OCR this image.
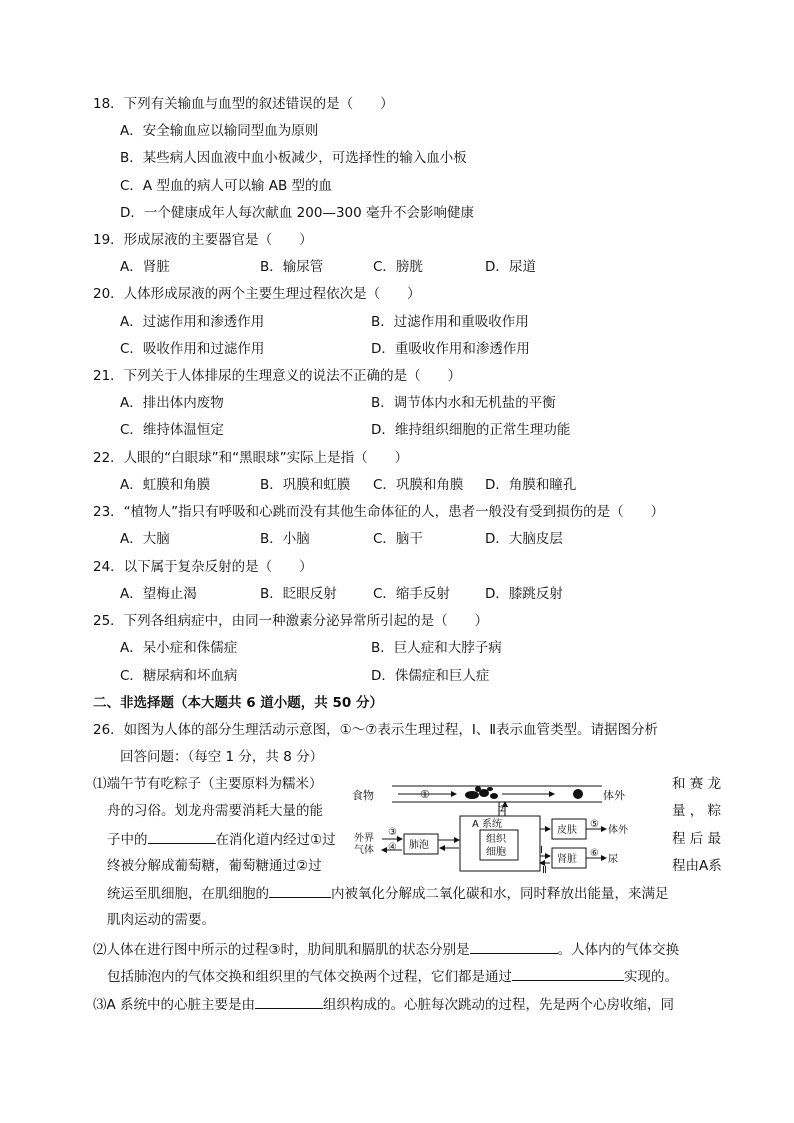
18．下列有关输血与血型的叙述错误的是（　　）
A．安全输血应以输同型血为原则
B．某些病人因血液中血小板减少，可选择性的输入血小板
C．A 型血的病人可以输 AB 型的血
D．一个健康成年人每次献血 200—300 毫升不会影响健康
19．形成尿液的主要器官是（　　）
A．肾脏	B．输尿管	C．膀胱	D．尿道
20．人体形成尿液的两个主要生理过程依次是（　　）
A．过滤作用和渗透作用	B．过滤作用和重吸收作用
C．吸收作用和过滤作用	D．重吸收作用和渗透作用
21．下列关于人体排尿的生理意义的说法不正确的是（　　）
A．排出体内废物	B．调节体内水和无机盐的平衡
C．维持体温恒定	D．维持组织细胞的正常生理功能
22．人眼的“白眼球”和“黑眼球”实际上是指（　　）
A．虹膜和角膜	B．巩膜和虹膜 C．巩膜和角膜 D．角膜和瞳孔
23．“植物人”指只有呼吸和心跳而没有其他生命体征的人，患者一般没有受到损伤的是（　　）
A．大脑	B．小脑	C．脑干	D．大脑皮层
24．以下属于复杂反射的是（　　）
A．望梅止渴	B．眨眼反射	C．缩手反射	D．膝跳反射
25．下列各组病症中，由同一种激素分泌异常所引起的是（　　）
A．呆小症和侏儒症	B．巨人症和大脖子病
C．糖尿病和坏血病	D．侏儒症和巨人症
二、非选择题（本大题共 6 道小题，共 50 分）
26．如图为人体的部分生理活动示意图，①～⑦表示生理过程，Ⅰ、Ⅱ表示血管类型。请据图分析
回答问题：（每空 1 分，共 8 分）
⑴端午节有吃粽子（主要原料为糯米）	和 赛 龙
舟的习俗。划龙舟需要消耗大量的能	量 ， 粽
子中的	在消化道内经过①过	程 后 最
终被分解成葡萄糖，葡萄糖通过②过	程由A系
统运至肌细胞，在肌细胞的	内被氧化分解成二氧化碳和水，同时释放出能量，来满足
肌肉运动的需要。
⑵人体在进行图中所示的过程③时，肋间肌和膈肌的状态分别是	。人体内的气体交换
包括肺泡内的气体交换和组织里的气体交换两个过程，它们都是通过	实现的。
⑶A 系统中的心脏主要是由	组织构成的。心脏每次跳动的过程，先是两个心房收缩，同
食物	①	体外
②
A 系统
组织
细胞
肺泡
外界
气体
③
④
皮肤
⑤
体外
肾脏
⑥
尿
Ⅰ
Ⅱ
